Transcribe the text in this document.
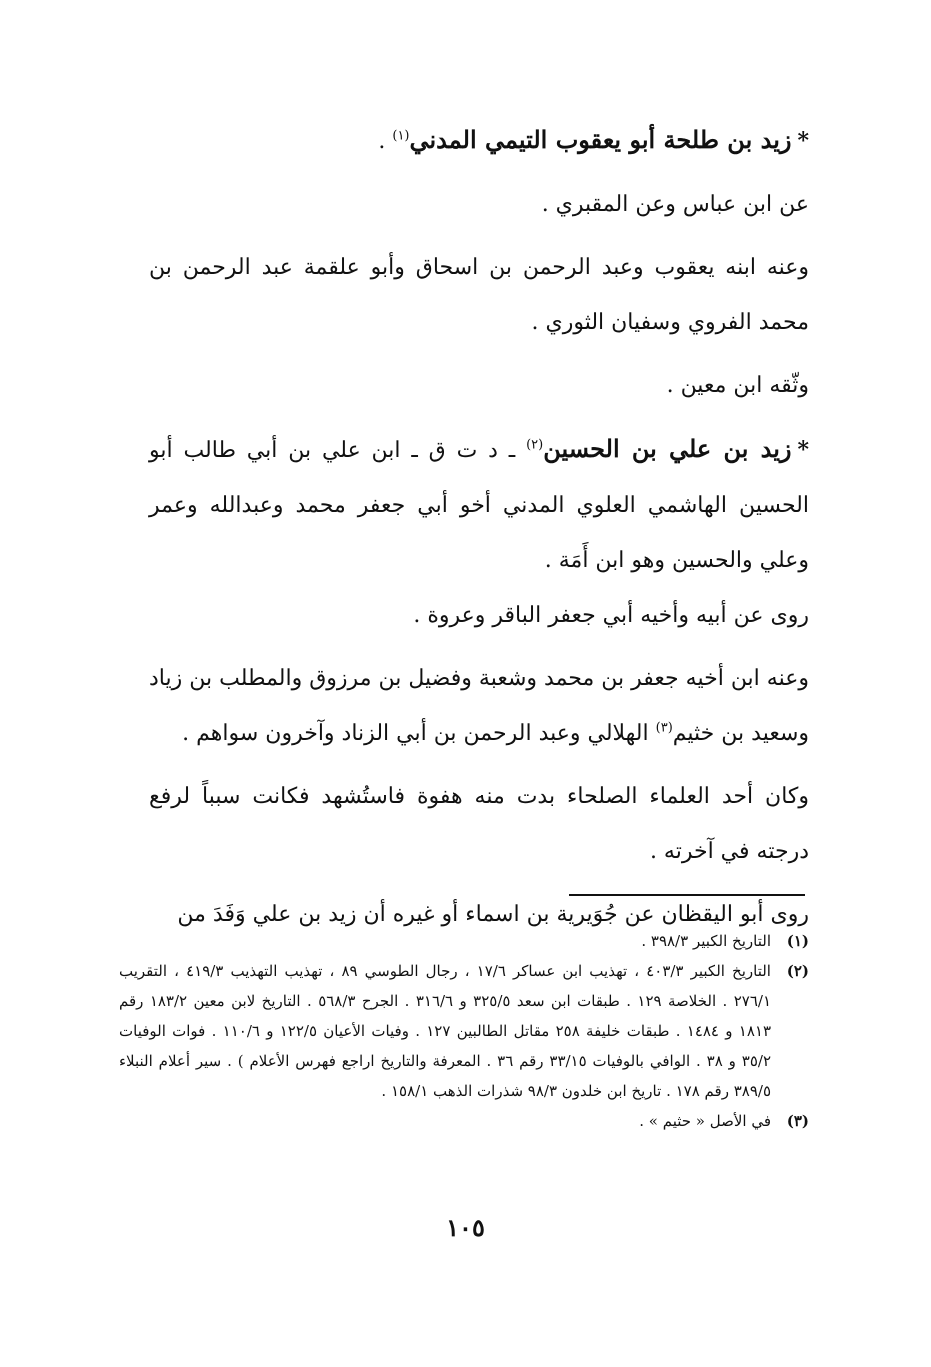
*زيد بن طلحة أبو يعقوب التيمي المدني$^{(١)}$ .

عن ابن عباس وعن المقبري .

وعنه ابنه يعقوب وعبد الرحمن بن اسحاق وأبو علقمة عبد الرحمن بن محمد الفروي وسفيان الثوري .

وثّقه ابن معين .

*زيد بن علي بن الحسين$^{(٢)}$ ـ د ت ق ـ ابن علي بن أبي طالب أبو الحسين الهاشمي العلوي المدني أخو أبي جعفر محمد وعبدالله وعمر وعلي والحسين وهو ابن أَمَة .

روى عن أبيه وأخيه أبي جعفر الباقر وعروة .

وعنه ابن أخيه جعفر بن محمد وشعبة وفضيل بن مرزوق والمطلب بن زياد وسعيد بن خثيم$^{(٣)}$ الهلالي وعبد الرحمن بن أبي الزناد وآخرون سواهم .

وكان أحد العلماء الصلحاء بدت منه هفوة فاستُشهد فكانت سبباً لرفع درجته في آخرته .

روى أبو اليقظان عن جُوَيرية بن اسماء أو غيره أن زيد بن علي وَفَدَ من

(١)
التاريخ الكبير ٣٩٨/٣ .
(٢)
التاريخ الكبير ٤٠٣/٣ ، تهذيب ابن عساكر ١٧/٦ ، رجال الطوسي ٨٩ ، تهذيب التهذيب ٤١٩/٣ ، التقريب ٢٧٦/١ . الخلاصة ١٢٩ . طبقات ابن سعد ٣٢٥/٥ و ٣١٦/٦ . الجرح ٥٦٨/٣ . التاريخ لابن معين ١٨٣/٢ رقم ١٨١٣ و ١٤٨٤ . طبقات خليفة ٢٥٨ مقاتل الطالبين ١٢٧ . وفيات الأعيان ١٢٢/٥ و ١١٠/٦ . فوات الوفيات ٣٥/٢ و ٣٨ . الوافي بالوفيات ٣٣/١٥ رقم ٣٦ . المعرفة والتاريخ اراجع فهرس الأعلام ) . سير أعلام النبلاء ٣٨٩/٥ رقم ١٧٨ . تاريخ ابن خلدون ٩٨/٣ شذرات الذهب ١٥٨/١ .
(٣)
في الأصل « حثيم » .
١٠٥
